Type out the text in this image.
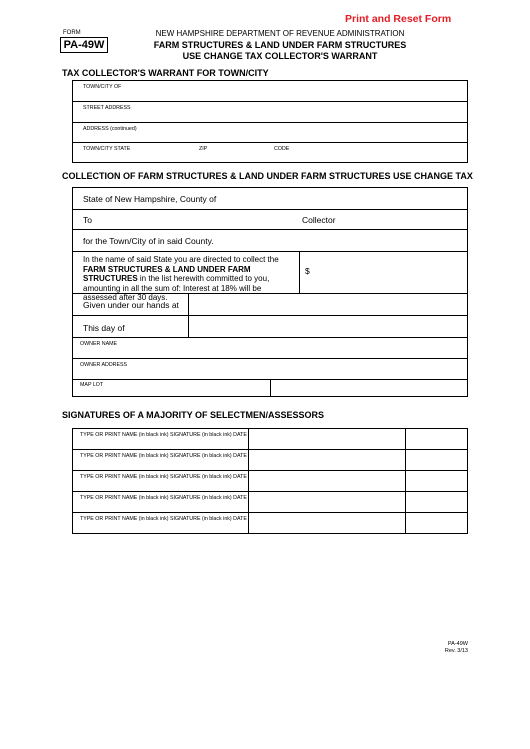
Print and Reset Form
FORM
PA-49W
NEW HAMPSHIRE DEPARTMENT OF REVENUE ADMINISTRATION
FARM STRUCTURES & LAND UNDER FARM STRUCTURES
USE CHANGE TAX COLLECTOR'S WARRANT
TAX COLLECTOR'S WARRANT FOR TOWN/CITY
TOWN/CITY OF
STREET ADDRESS
ADDRESS (continued)
TOWN/CITY STATE	ZIP	CODE
COLLECTION OF FARM STRUCTURES & LAND UNDER FARM STRUCTURES USE CHANGE TAX
State of New Hampshire, County of
To	Collector
for the Town/City of in said County.
In the name of said State you are directed to collect the FARM STRUCTURES & LAND UNDER FARM STRUCTURES in the list herewith committed to you, amounting in all the sum of: Interest at 18% will be assessed after 30 days.
$
Given under our hands at
This day of
OWNER NAME
OWNER ADDRESS
MAP LOT
SIGNATURES OF A MAJORITY OF SELECTMEN/ASSESSORS
TYPE OR PRINT NAME (in black ink) SIGNATURE (in black ink) DATE
TYPE OR PRINT NAME (in black ink) SIGNATURE (in black ink) DATE
TYPE OR PRINT NAME (in black ink) SIGNATURE (in black ink) DATE
TYPE OR PRINT NAME (in black ink) SIGNATURE (in black ink) DATE
TYPE OR PRINT NAME (in black ink) SIGNATURE (in black ink) DATE
PA-49W
Rev. 3/13
